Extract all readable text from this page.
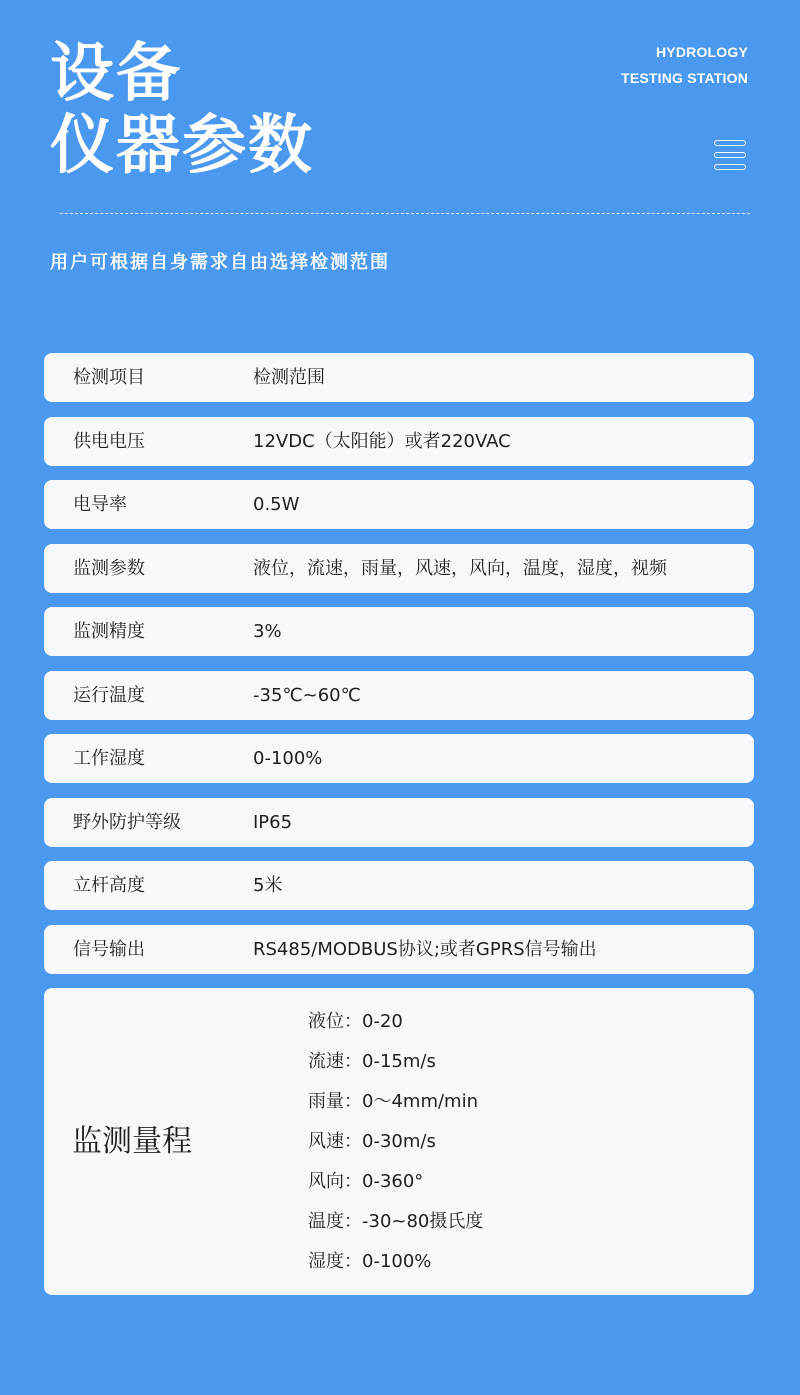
设备
仪器参数
HYDROLOGY
TESTING STATION
用户可根据自身需求自由选择检测范围
检测项目	检测范围
供电电压	12VDC（太阳能）或者220VAC
电导率	0.5W
监测参数	液位，流速，雨量，风速，风向，温度，湿度，视频
监测精度	3%
运行温度	-35℃~60℃
工作湿度	0-100%
野外防护等级	IP65
立杆高度	5米
信号输出	RS485/MODBUS协议;或者GPRS信号输出
监测量程
液位：0-20
流速：0-15m/s
雨量：0～4mm/min
风速：0-30m/s
风向：0-360°
温度：-30~80摄氏度
湿度：0-100%
